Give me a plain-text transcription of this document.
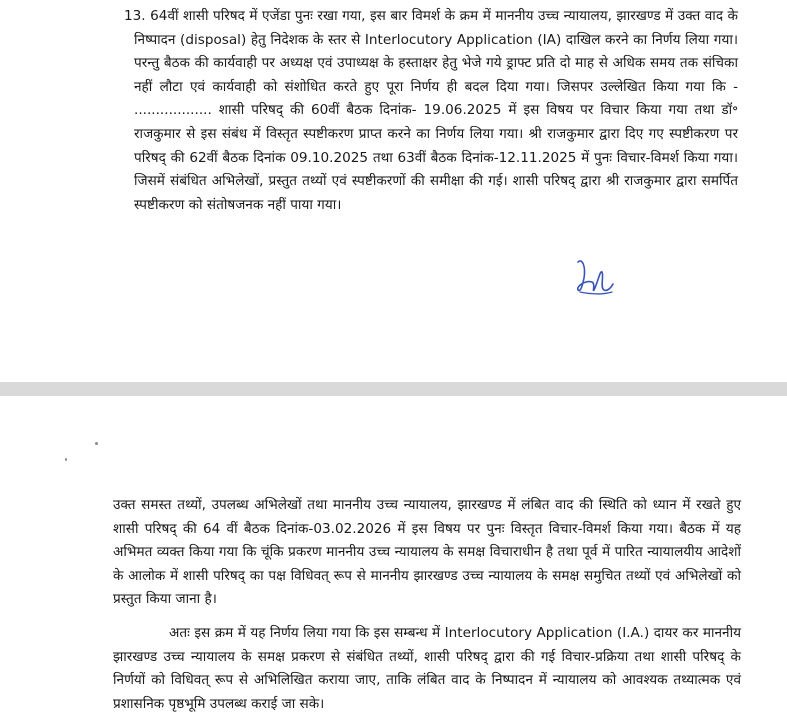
13. 64वीं शासी परिषद में एजेंडा पुनः रखा गया, इस बार विमर्श के क्रम में माननीय उच्च न्यायालय, झारखण्ड में उक्त वाद के निष्पादन (disposal) हेतु निदेशक के स्तर से Interlocutory Application (IA) दाखिल करने का निर्णय लिया गया। परन्तु बैठक की कार्यवाही पर अध्यक्ष एवं उपाध्यक्ष के हस्ताक्षर हेतु भेजे गये ड्राफ्ट प्रति दो माह से अधिक समय तक संचिका नहीं लौटा एवं कार्यवाही को संशोधित करते हुए पूरा निर्णय ही बदल दिया गया। जिसपर उल्लेखित किया गया कि - .................. शासी परिषद् की 60वीं बैठक दिनांक- 19.06.2025 में इस विषय पर विचार किया गया तथा डॉ॰ राजकुमार से इस संबंध में विस्तृत स्पष्टीकरण प्राप्त करने का निर्णय लिया गया। श्री राजकुमार द्वारा दिए गए स्पष्टीकरण पर परिषद् की 62वीं बैठक दिनांक 09.10.2025 तथा 63वीं बैठक दिनांक-12.11.2025 में पुनः विचार-विमर्श किया गया। जिसमें संबंधित अभिलेखों, प्रस्तुत तथ्यों एवं स्पष्टीकरणों की समीक्षा की गई। शासी परिषद् द्वारा श्री राजकुमार द्वारा समर्पित स्पष्टीकरण को संतोषजनक नहीं पाया गया।

उक्त समस्त तथ्यों, उपलब्ध अभिलेखों तथा माननीय उच्च न्यायालय, झारखण्ड में लंबित वाद की स्थिति को ध्यान में रखते हुए शासी परिषद् की 64 वीं बैठक दिनांक-03.02.2026 में इस विषय पर पुनः विस्तृत विचार-विमर्श किया गया। बैठक में यह अभिमत व्यक्त किया गया कि चूंकि प्रकरण माननीय उच्च न्यायालय के समक्ष विचाराधीन है तथा पूर्व में पारित न्यायालयीय आदेशों के आलोक में शासी परिषद् का पक्ष विधिवत् रूप से माननीय झारखण्ड उच्च न्यायालय के समक्ष समुचित तथ्यों एवं अभिलेखों को प्रस्तुत किया जाना है।

अतः इस क्रम में यह निर्णय लिया गया कि इस सम्बन्ध में Interlocutory Application (I.A.) दायर कर माननीय झारखण्ड उच्च न्यायालय के समक्ष प्रकरण से संबंधित तथ्यों, शासी परिषद् द्वारा की गई विचार-प्रक्रिया तथा शासी परिषद् के निर्णयों को विधिवत् रूप से अभिलिखित कराया जाए, ताकि लंबित वाद के निष्पादन में न्यायालय को आवश्यक तथ्यात्मक एवं प्रशासनिक पृष्ठभूमि उपलब्ध कराई जा सके।
